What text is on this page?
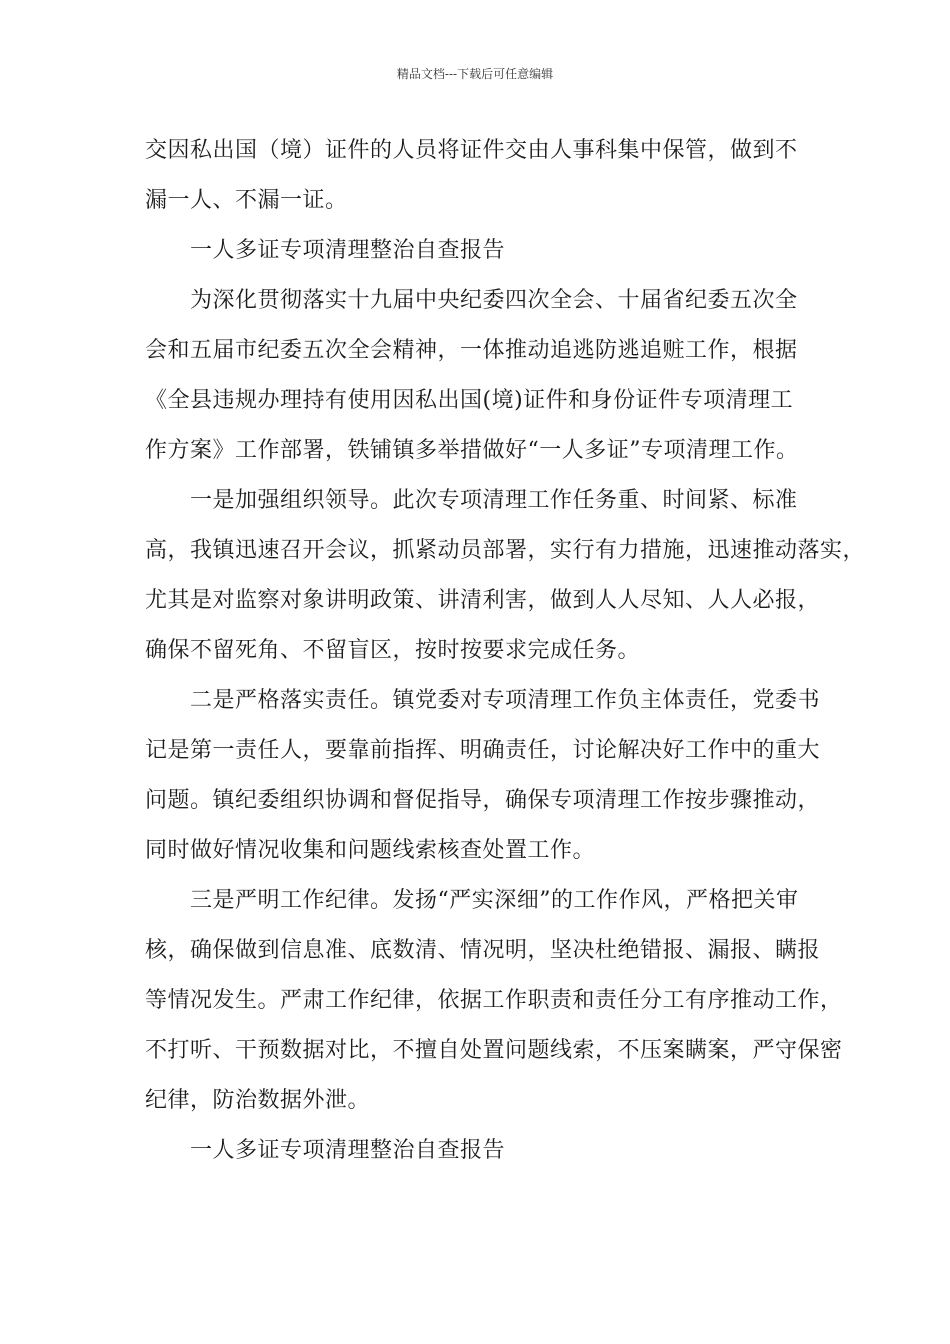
精品文档---下载后可任意编辑
交因私出国（境）证件的人员将证件交由人事科集中保管，做到不
漏一人、不漏一证。
一人多证专项清理整治自查报告
为深化贯彻落实十九届中央纪委四次全会、十届省纪委五次全
会和五届市纪委五次全会精神，一体推动追逃防逃追赃工作，根据
《全县违规办理持有使用因私出国(境)证件和身份证件专项清理工
作方案》工作部署，铁铺镇多举措做好“一人多证”专项清理工作。
一是加强组织领导。此次专项清理工作任务重、时间紧、标准
高，我镇迅速召开会议，抓紧动员部署，实行有力措施，迅速推动落实，
尤其是对监察对象讲明政策、讲清利害，做到人人尽知、人人必报，
确保不留死角、不留盲区，按时按要求完成任务。
二是严格落实责任。镇党委对专项清理工作负主体责任，党委书
记是第一责任人，要靠前指挥、明确责任，讨论解决好工作中的重大
问题。镇纪委组织协调和督促指导，确保专项清理工作按步骤推动，
同时做好情况收集和问题线索核查处置工作。
三是严明工作纪律。发扬“严实深细”的工作作风，严格把关审
核，确保做到信息准、底数清、情况明，坚决杜绝错报、漏报、瞒报
等情况发生。严肃工作纪律，依据工作职责和责任分工有序推动工作，
不打听、干预数据对比，不擅自处置问题线索，不压案瞒案，严守保密
纪律，防治数据外泄。
一人多证专项清理整治自查报告
